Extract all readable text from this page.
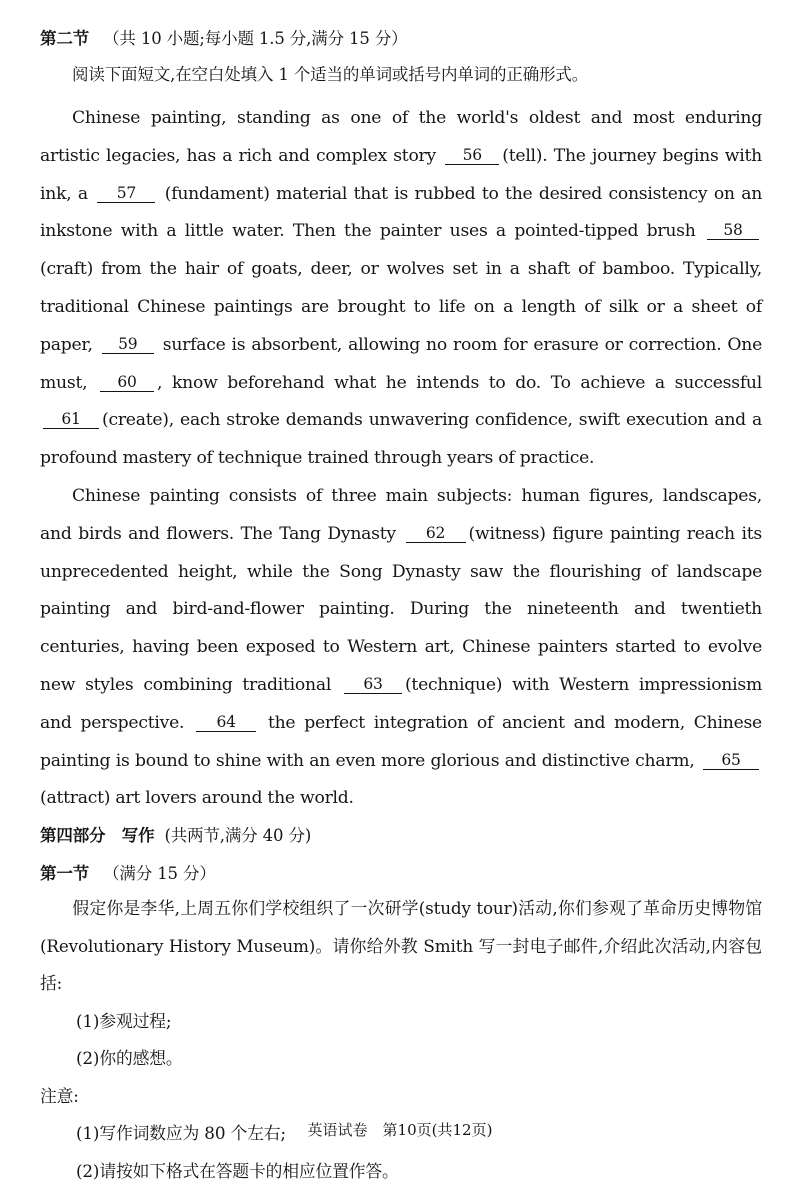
第二节 （共 10 小题;每小题 1.5 分,满分 15 分）

阅读下面短文,在空白处填入 1 个适当的单词或括号内单词的正确形式。

Chinese painting, standing as one of the world's oldest and most enduring artistic legacies, has a rich and complex story 56 (tell). The journey begins with ink, a 57 (fundament) material that is rubbed to the desired consistency on an inkstone with a little water. Then the painter uses a pointed-tipped brush 58(craft) from the hair of goats, deer, or wolves set in a shaft of bamboo. Typically, traditional Chinese paintings are brought to life on a length of silk or a sheet of paper, 59 surface is absorbent, allowing no room for erasure or correction. One must, 60 , know beforehand what he intends to do. To achieve a successful 61 (create), each stroke demands unwavering confidence, swift execution and a profound mastery of technique trained through years of practice.

Chinese painting consists of three main subjects: human figures, landscapes, and birds and flowers. The Tang Dynasty 62 (witness) figure painting reach its unprecedented height, while the Song Dynasty saw the flourishing of landscape painting and bird-and-flower painting. During the nineteenth and twentieth centuries, having been exposed to Western art, Chinese painters started to evolve new styles combining traditional 63 (technique) with Western impressionism and perspective. 64 the perfect integration of ancient and modern, Chinese painting is bound to shine with an even more glorious and distinctive charm, 65(attract) art lovers around the world.

第四部分　写作 (共两节,满分 40 分)

第一节 （满分 15 分）

假定你是李华,上周五你们学校组织了一次研学(study tour)活动,你们参观了革命历史博物馆(Revolutionary History Museum)。请你给外教 Smith 写一封电子邮件,介绍此次活动,内容包括:

(1)参观过程;

(2)你的感想。

注意:

(1)写作词数应为 80 个左右;

(2)请按如下格式在答题卡的相应位置作答。

英语试卷　第10页(共12页)
